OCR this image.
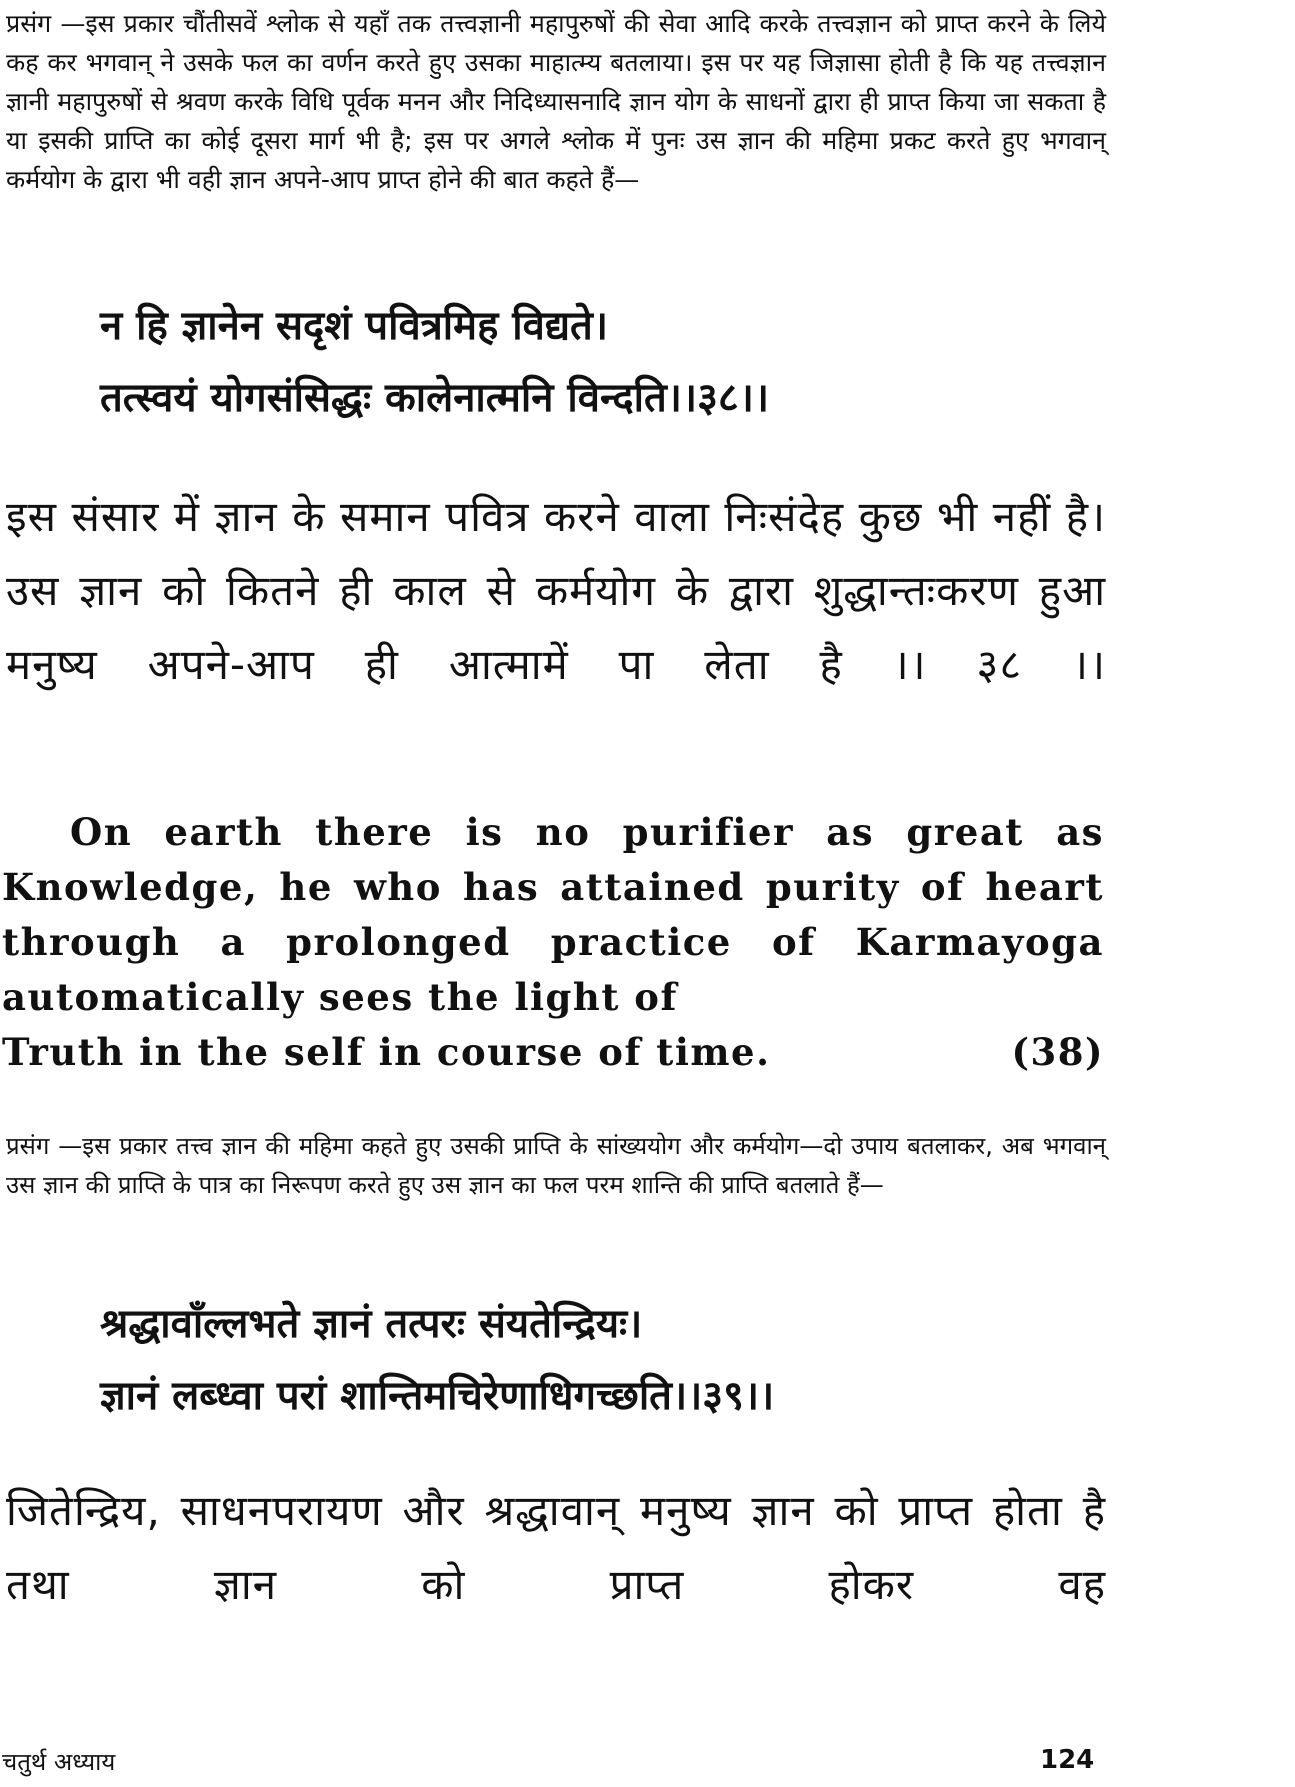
प्रसंग —इस प्रकार चौंतीसवें श्लोक से यहाँ तक तत्त्वज्ञानी महापुरुषों की सेवा आदि करके तत्त्वज्ञान को प्राप्त करने के लिये कह कर भगवान् ने उसके फल का वर्णन करते हुए उसका माहात्म्य बतलाया। इस पर यह जिज्ञासा होती है कि यह तत्त्वज्ञान ज्ञानी महापुरुषों से श्रवण करके विधि पूर्वक मनन और निदिध्यासनादि ज्ञान योग के साधनों द्वारा ही प्राप्त किया जा सकता है या इसकी प्राप्ति का कोई दूसरा मार्ग भी है; इस पर अगले श्लोक में पुनः उस ज्ञान की महिमा प्रकट करते हुए भगवान् कर्मयोग के द्वारा भी वही ज्ञान अपने-आप प्राप्त होने की बात कहते हैं—

न हि ज्ञानेन सदृशं पवित्रमिह विद्यते।
तत्स्वयं योगसंसिद्धः कालेनात्मनि विन्दति।।३८।।

इस संसार में ज्ञान के समान पवित्र करने वाला निःसंदेह कुछ भी नहीं है। उस ज्ञान को कितने ही काल से कर्मयोग के द्वारा शुद्धान्तःकरण हुआ मनुष्य अपने-आप ही आत्मामें पा लेता है ।। ३८ ।।

On earth there is no purifier as great as Knowledge, he who has attained purity of heart through a prolonged practice of Karmayoga automatically sees the light of
Truth in the self in course of time.	(38)

प्रसंग —इस प्रकार तत्त्व ज्ञान की महिमा कहते हुए उसकी प्राप्ति के सांख्ययोग और कर्मयोग—दो उपाय बतलाकर, अब भगवान् उस ज्ञान की प्राप्ति के पात्र का निरूपण करते हुए उस ज्ञान का फल परम शान्ति की प्राप्ति बतलाते हैं—

श्रद्धावाँल्लभते ज्ञानं तत्परः संयतेन्द्रियः।
ज्ञानं लब्ध्वा परां शान्तिमचिरेणाधिगच्छति।।३९।।

जितेन्द्रिय, साधनपरायण और श्रद्धावान् मनुष्य ज्ञान को प्राप्त होता है तथा ज्ञान को प्राप्त होकर वह

चतुर्थ अध्याय	124
